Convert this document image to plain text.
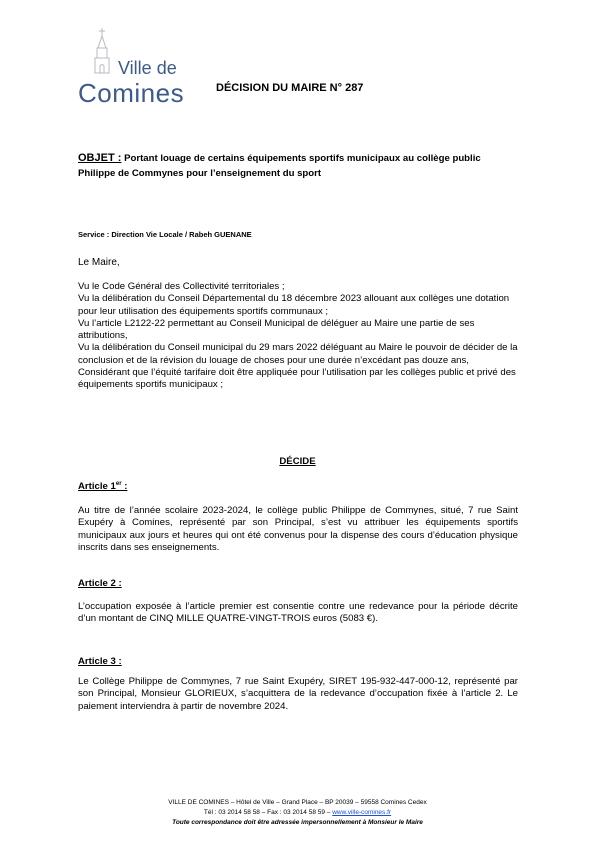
Ville de
Comines	DÉCISION DU MAIRE N° 287
OBJET : Portant louage de certains équipements sportifs municipaux au collège public Philippe de Commynes pour l’enseignement du sport
Service : Direction Vie Locale / Rabeh GUENANE
Le Maire,

Vu le Code Général des Collectivité territoriales ;

Vu la délibération du Conseil Départemental du 18 décembre 2023 allouant aux collèges une dotation pour leur utilisation des équipements sportifs communaux ;

Vu l’article L2122-22 permettant au Conseil Municipal de déléguer au Maire une partie de ses attributions,

Vu la délibération du Conseil municipal du 29 mars 2022 déléguant au Maire le pouvoir de décider de la conclusion et de la révision du louage de choses pour une durée n’excédant pas douze ans,

Considérant que l’équité tarifaire doit être appliquée pour l’utilisation par les collèges public et privé des équipements sportifs municipaux ;

DÉCIDE
Article 1er :

Au titre de l’année scolaire 2023-2024, le collège public Philippe de Commynes, situé, 7 rue Saint Exupéry à Comines, représenté par son Principal, s’est vu attribuer les équipements sportifs municipaux aux jours et heures qui ont été convenus pour la dispense des cours d’éducation physique inscrits dans ses enseignements.

Article 2 :

L’occupation exposée à l’article premier est consentie contre une redevance pour la période décrite d’un montant de CINQ MILLE QUATRE-VINGT-TROIS euros (5083 €).

Article 3 :

Le Collège Philippe de Commynes, 7 rue Saint Exupéry, SIRET 195-932-447-000-12, représenté par son Principal, Monsieur GLORIEUX, s’acquittera de la redevance d’occupation fixée à l’article 2. Le paiement interviendra à partir de novembre 2024.

VILLE DE COMINES – Hôtel de Ville – Grand Place – BP 20039 – 59558 Comines Cedex
Tél : 03 2014 58 58 – Fax : 03 2014 58 59 – www.ville-comines.fr
Toute correspondance doit être adressée impersonnellement à Monsieur le Maire
